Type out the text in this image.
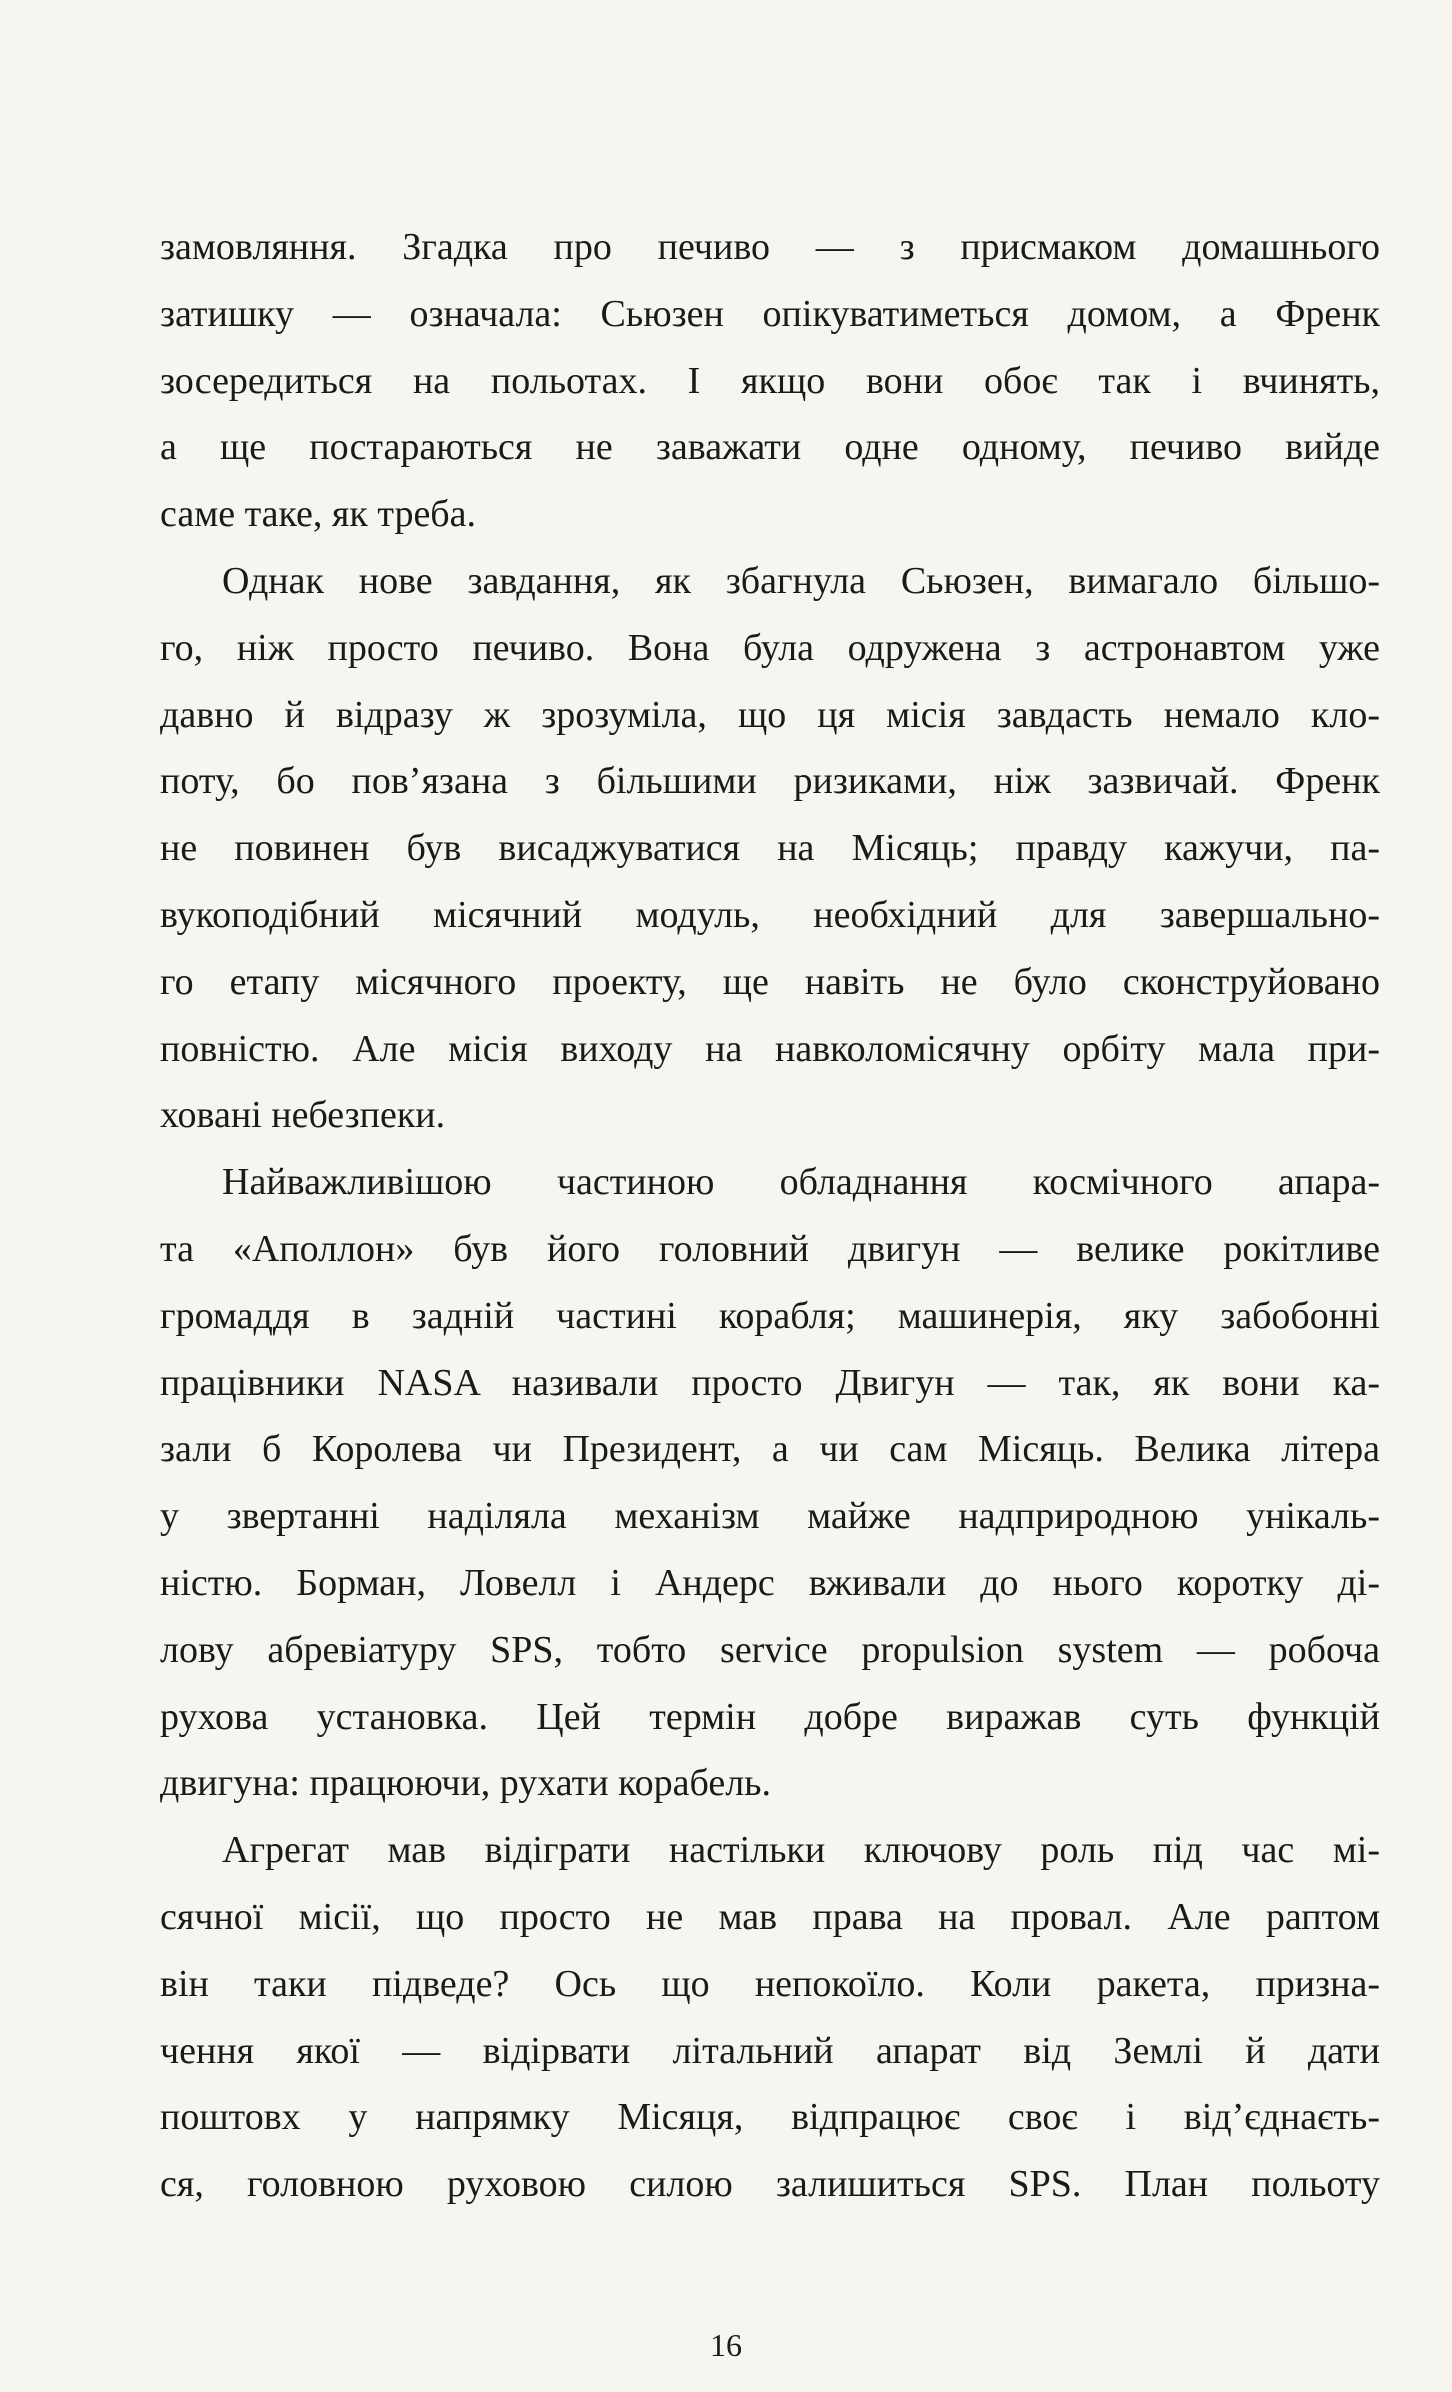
замовляння. Згадка про печиво — з присмаком домашнього
затишку — означала: Сьюзен опікуватиметься домом, а Френк
зосередиться на польотах. І якщо вони обоє так і вчинять,
а ще постараються не заважати одне одному, печиво вийде
саме таке, як треба.

Однак нове завдання, як збагнула Сьюзен, вимагало більшо-
го, ніж просто печиво. Вона була одружена з астронавтом уже
давно й відразу ж зрозуміла, що ця місія завдасть немало кло-
поту, бо пов’язана з більшими ризиками, ніж зазвичай. Френк
не повинен був висаджуватися на Місяць; правду кажучи, па-
вукоподібний місячний модуль, необхідний для завершально-
го етапу місячного проекту, ще навіть не було сконструйовано
повністю. Але місія виходу на навколомісячну орбіту мала при-
ховані небезпеки.

Найважливішою частиною обладнання космічного апара-
та «Аполлон» був його головний двигун — велике рокітливе
громаддя в задній частині корабля; машинерія, яку забобонні
працівники NASA називали просто Двигун — так, як вони ка-
зали б Королева чи Президент, а чи сам Місяць. Велика літера
у звертанні наділяла механізм майже надприродною унікаль-
ністю. Борман, Ловелл і Андерс вживали до нього коротку ді-
лову абревіатуру SPS, тобто service propulsion system — робоча
рухова установка. Цей термін добре виражав суть функцій
двигуна: працюючи, рухати корабель.

Агрегат мав відіграти настільки ключову роль під час мі-
сячної місії, що просто не мав права на провал. Але раптом
він таки підведе? Ось що непокоїло. Коли ракета, призна-
чення якої — відірвати літальний апарат від Землі й дати
поштовх у напрямку Місяця, відпрацює своє і від’єднаєть-
ся, головною руховою силою залишиться SPS. План польоту

16
